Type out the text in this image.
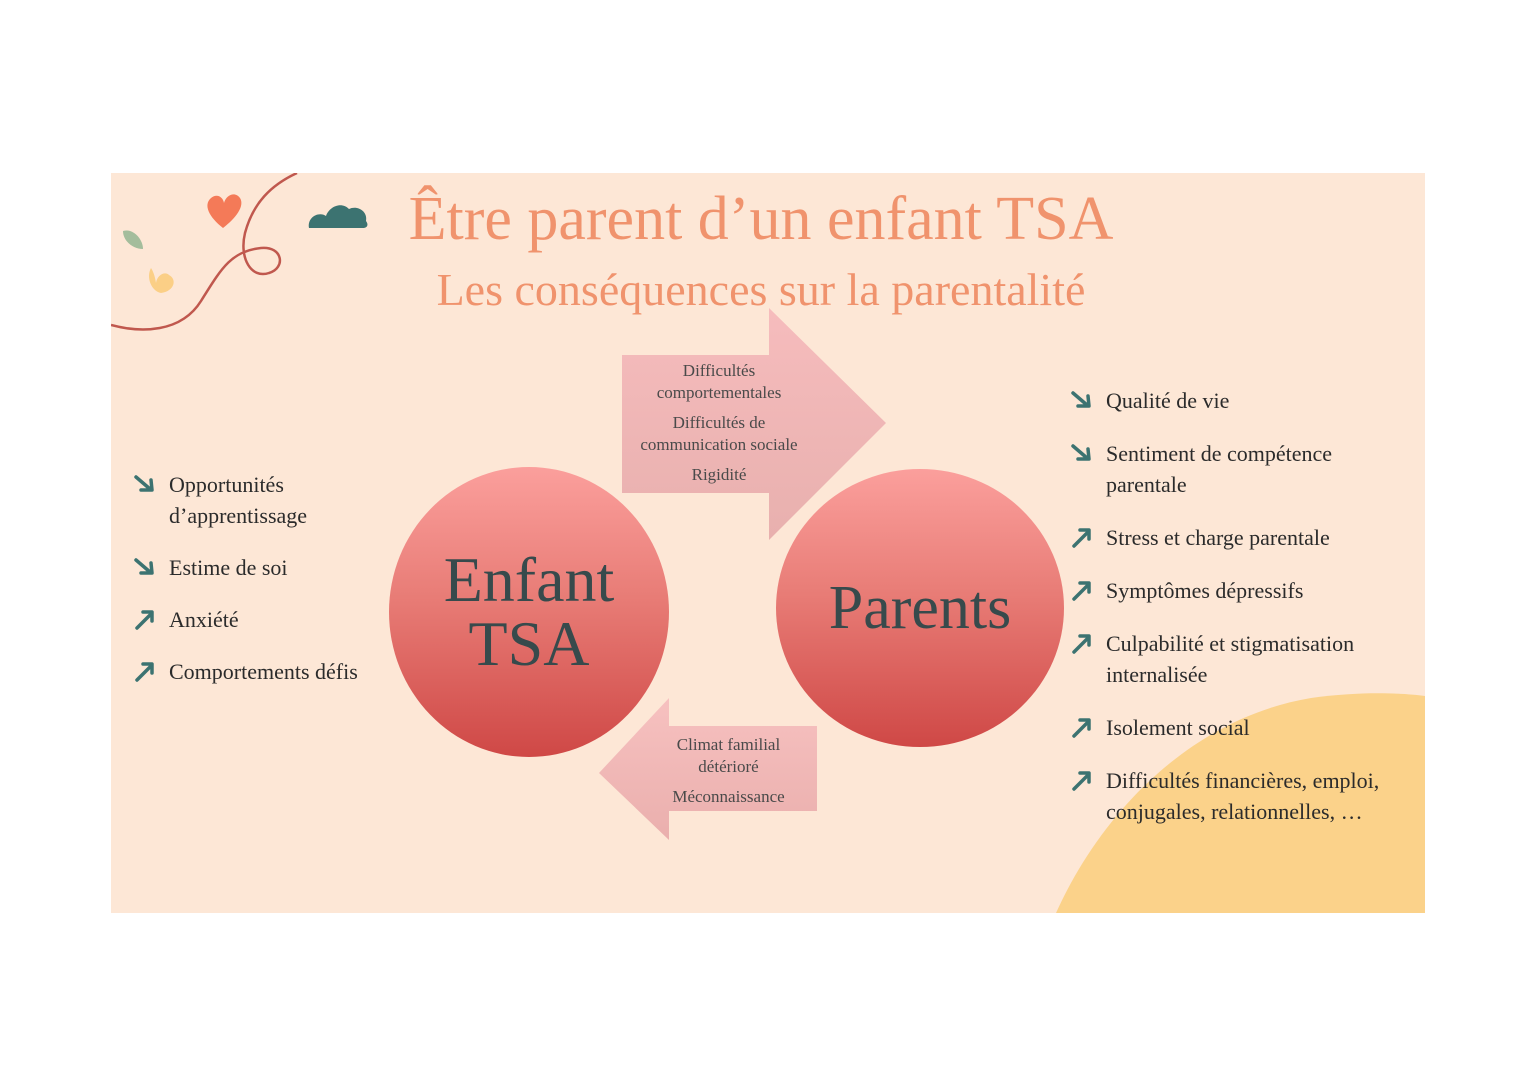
Être parent d’un enfant TSA
Les conséquences sur la parentalité
Difficultés comportementales
Difficultés de communication sociale
Rigidité
Climat familial détérioré
Méconnaissance
Enfant TSA
Parents
Opportunités d’apprentissage
Estime de soi
Anxiété
Comportements défis
Qualité de vie
Sentiment de compétence parentale
Stress et charge parentale
Symptômes dépressifs
Culpabilité et stigmatisation internalisée
Isolement social
Difficultés financières, emploi, conjugales, relationnelles, …
